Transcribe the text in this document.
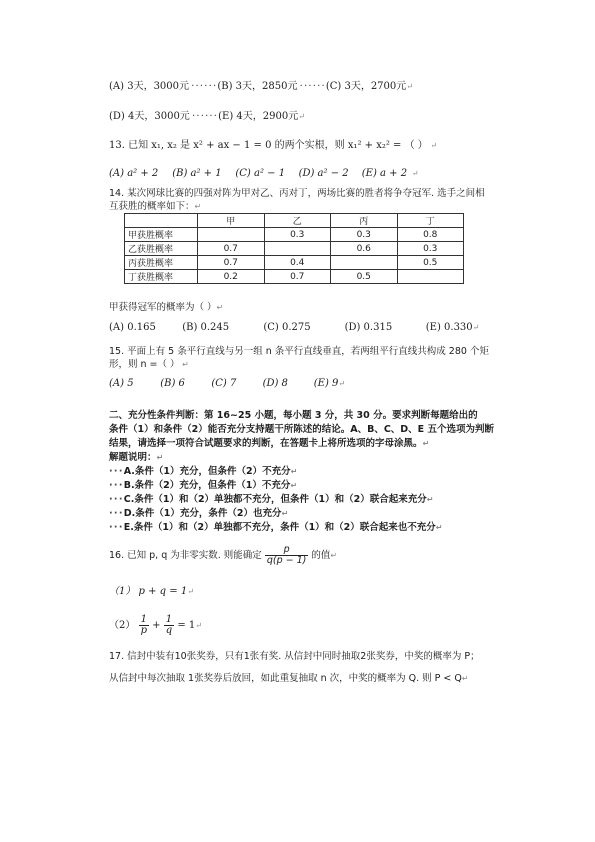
(A) 3天，3000元 · · · · · · (B) 3天，2850元 · · · · · · (C) 3天，2700元↵
(D) 4天，3000元 · · · · · · (E) 4天，2900元↵
13. 已知 x₁, x₂ 是 x² + ax − 1 = 0 的两个实根，则 x₁² + x₂² = （ ） ↵
(A) a² + 2 (B) a² + 1 (C) a² − 1 (D) a² − 2 (E) a + 2 ↵
14. 某次网球比赛的四强对阵为甲对乙、丙对丁，两场比赛的胜者将争夺冠军. 选手之间相
互获胜的概率如下：↵
	甲	乙	丙	丁
甲获胜概率		0.3	0.3	0.8
乙获胜概率	0.7		0.6	0.3
丙获胜概率	0.7	0.4		0.5
丁获胜概率	0.2	0.7	0.5	
甲获得冠军的概率为（ ）↵
(A) 0.165	(B) 0.245	(C) 0.275	(D) 0.315	(E) 0.330↵
15. 平面上有 5 条平行直线与另一组 n 条平行直线垂直，若两组平行直线共构成 280 个矩
形，则 n =（ ） ↵
(A) 5	(B) 6	(C) 7	(D) 8	(E) 9↵
二、充分性条件判断：第 16~25 小题，每小题 3 分，共 30 分。要求判断每题给出的
条件（1）和条件（2）能否充分支持题干所陈述的结论。A、B、C、D、E 五个选项为判断
结果，请选择一项符合试题要求的判断，在答题卡上将所选项的字母涂黑。↵
解题说明：↵
· · · A.条件（1）充分，但条件（2）不充分↵
· · · B.条件（2）充分，但条件（1）不充分↵
· · · C.条件（1）和（2）单独都不充分，但条件（1）和（2）联合起来充分↵
· · · D.条件（1）充分，条件（2）也充分↵
· · · E.条件（1）和（2）单独都不充分，条件（1）和（2）联合起来也不充分↵
16. 已知 p, q 为非零实数. 则能确定 $\frac{p}{q(p - 1)}$ 的值↵
（1） p + q = 1↵
$(2) \frac{1}{p} + \frac{1}{q}$ = 1↵
17. 信封中装有10张奖券，只有1张有奖. 从信封中同时抽取2张奖券，中奖的概率为 P；
从信封中每次抽取 1张奖券后放回，如此重复抽取 n 次，中奖的概率为 Q. 则 P < Q↵
